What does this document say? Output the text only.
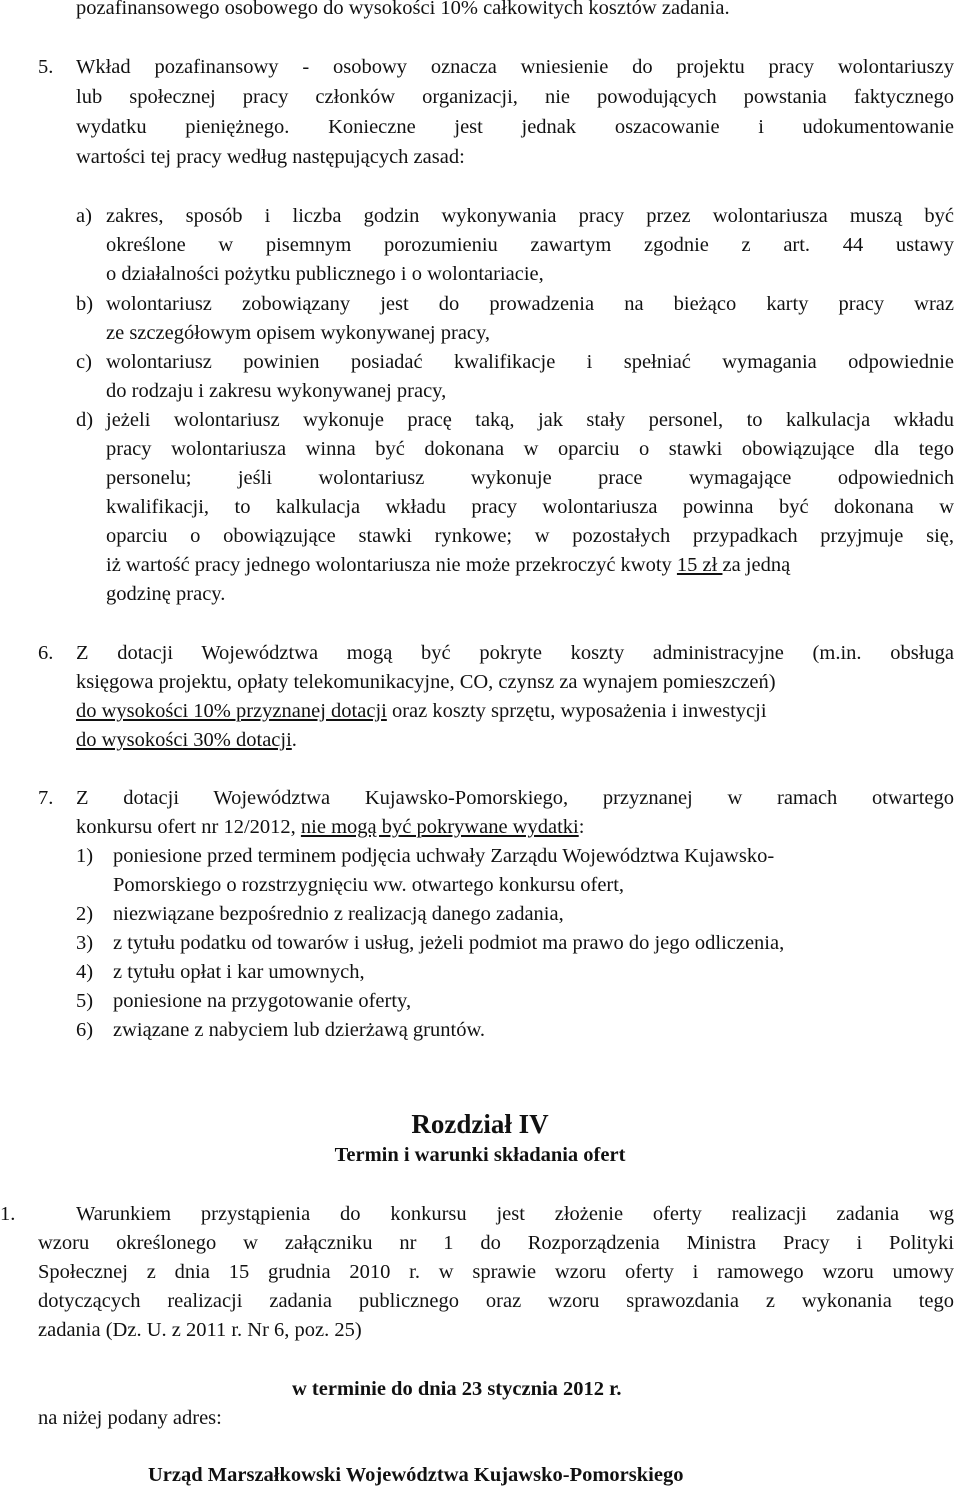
pozafinansowego osobowego do wysokości 10% całkowitych kosztów zadania.
5. Wkład pozafinansowy - osobowy oznacza wniesienie do projektu pracy wolontariuszy
lub społecznej pracy członków organizacji, nie powodujących powstania faktycznego
wydatku pieniężnego. Konieczne jest jednak oszacowanie i udokumentowanie
wartości tej pracy według następujących zasad:
a) zakres, sposób i liczba godzin wykonywania pracy przez wolontariusza muszą być
określone w pisemnym porozumieniu zawartym zgodnie z art. 44 ustawy
o działalności pożytku publicznego i o wolontariacie,
b) wolontariusz zobowiązany jest do prowadzenia na bieżąco karty pracy wraz
ze szczegółowym opisem wykonywanej pracy,
c) wolontariusz powinien posiadać kwalifikacje i spełniać wymagania odpowiednie
do rodzaju i zakresu wykonywanej pracy,
d) jeżeli wolontariusz wykonuje pracę taką, jak stały personel, to kalkulacja wkładu
pracy wolontariusza winna być dokonana w oparciu o stawki obowiązujące dla tego
personelu; jeśli wolontariusz wykonuje prace wymagające odpowiednich
kwalifikacji, to kalkulacja wkładu pracy wolontariusza powinna być dokonana w
oparciu o obowiązujące stawki rynkowe; w pozostałych przypadkach przyjmuje się,
iż wartość pracy jednego wolontariusza nie może przekroczyć kwoty 15 zł za jedną
godzinę pracy.
6. Z dotacji Województwa mogą być pokryte koszty administracyjne (m.in. obsługa
księgowa projektu, opłaty telekomunikacyjne, CO, czynsz za wynajem pomieszczeń)
do wysokości 10% przyznanej dotacji oraz koszty sprzętu, wyposażenia i inwestycji
do wysokości 30% dotacji.
7. Z dotacji Województwa Kujawsko-Pomorskiego, przyznanej w ramach otwartego
konkursu ofert nr 12/2012, nie mogą być pokrywane wydatki:
1) poniesione przed terminem podjęcia uchwały Zarządu Województwa Kujawsko-
Pomorskiego o rozstrzygnięciu ww. otwartego konkursu ofert,
2) niezwiązane bezpośrednio z realizacją danego zadania,
3) z tytułu podatku od towarów i usług, jeżeli podmiot ma prawo do jego odliczenia,
4) z tytułu opłat i kar umownych,
5) poniesione na przygotowanie oferty,
6) związane z nabyciem lub dzierżawą gruntów.
Rozdział IV
Termin i warunki składania ofert
1.	Warunkiem przystąpienia do konkursu jest złożenie oferty realizacji zadania wg
wzoru określonego w załączniku nr 1 do Rozporządzenia Ministra Pracy i Polityki
Społecznej z dnia 15 grudnia 2010 r. w sprawie wzoru oferty i ramowego wzoru umowy
dotyczących realizacji zadania publicznego oraz wzoru sprawozdania z wykonania tego
zadania (Dz. U. z 2011 r. Nr 6, poz. 25)
w terminie do dnia 23 stycznia 2012 r.
na niżej podany adres:
Urząd Marszałkowski Województwa Kujawsko-Pomorskiego
